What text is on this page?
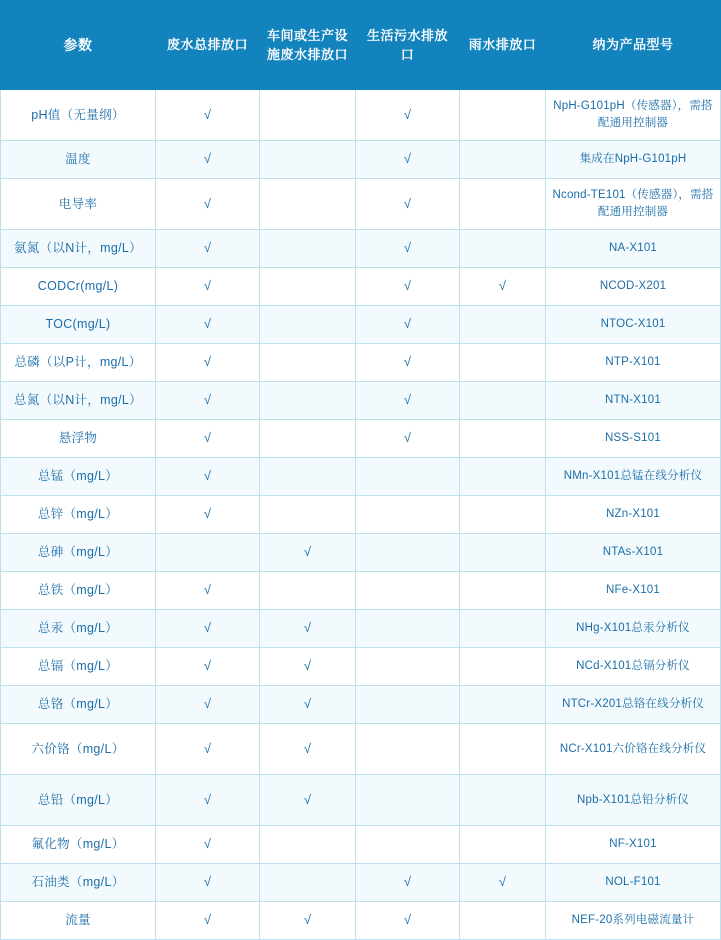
参数	废水总排放口	车间或生产设施废水排放口	生活污水排放口	雨水排放口	纳为产品型号
pH值（无量纲）	√		√		NpH-G101pH（传感器），需搭配通用控制器
温度	√		√		集成在NpH-G101pH
电导率	√		√		Ncond-TE101（传感器），需搭配通用控制器
氨氮（以N计，mg/L）	√		√		NA-X101
CODCr(mg/L)	√		√	√	NCOD-X201
TOC(mg/L)	√		√		NTOC-X101
总磷（以P计，mg/L）	√		√		NTP-X101
总氮（以N计，mg/L）	√		√		NTN-X101
悬浮物	√		√		NSS-S101
总锰（mg/L）	√				NMn-X101总锰在线分析仪
总锌（mg/L）	√				NZn-X101
总砷（mg/L）		√			NTAs-X101
总铁（mg/L）	√				NFe-X101
总汞（mg/L）	√	√			NHg-X101总汞分析仪
总镉（mg/L）	√	√			NCd-X101总镉分析仪
总铬（mg/L）	√	√			NTCr-X201总铬在线分析仪
六价铬（mg/L）	√	√			NCr-X101六价铬在线分析仪
总铅（mg/L）	√	√			Npb-X101总铅分析仪
氟化物（mg/L）	√				NF-X101
石油类（mg/L）	√		√	√	NOL-F101
流量	√	√	√		NEF-20系列电磁流量计
